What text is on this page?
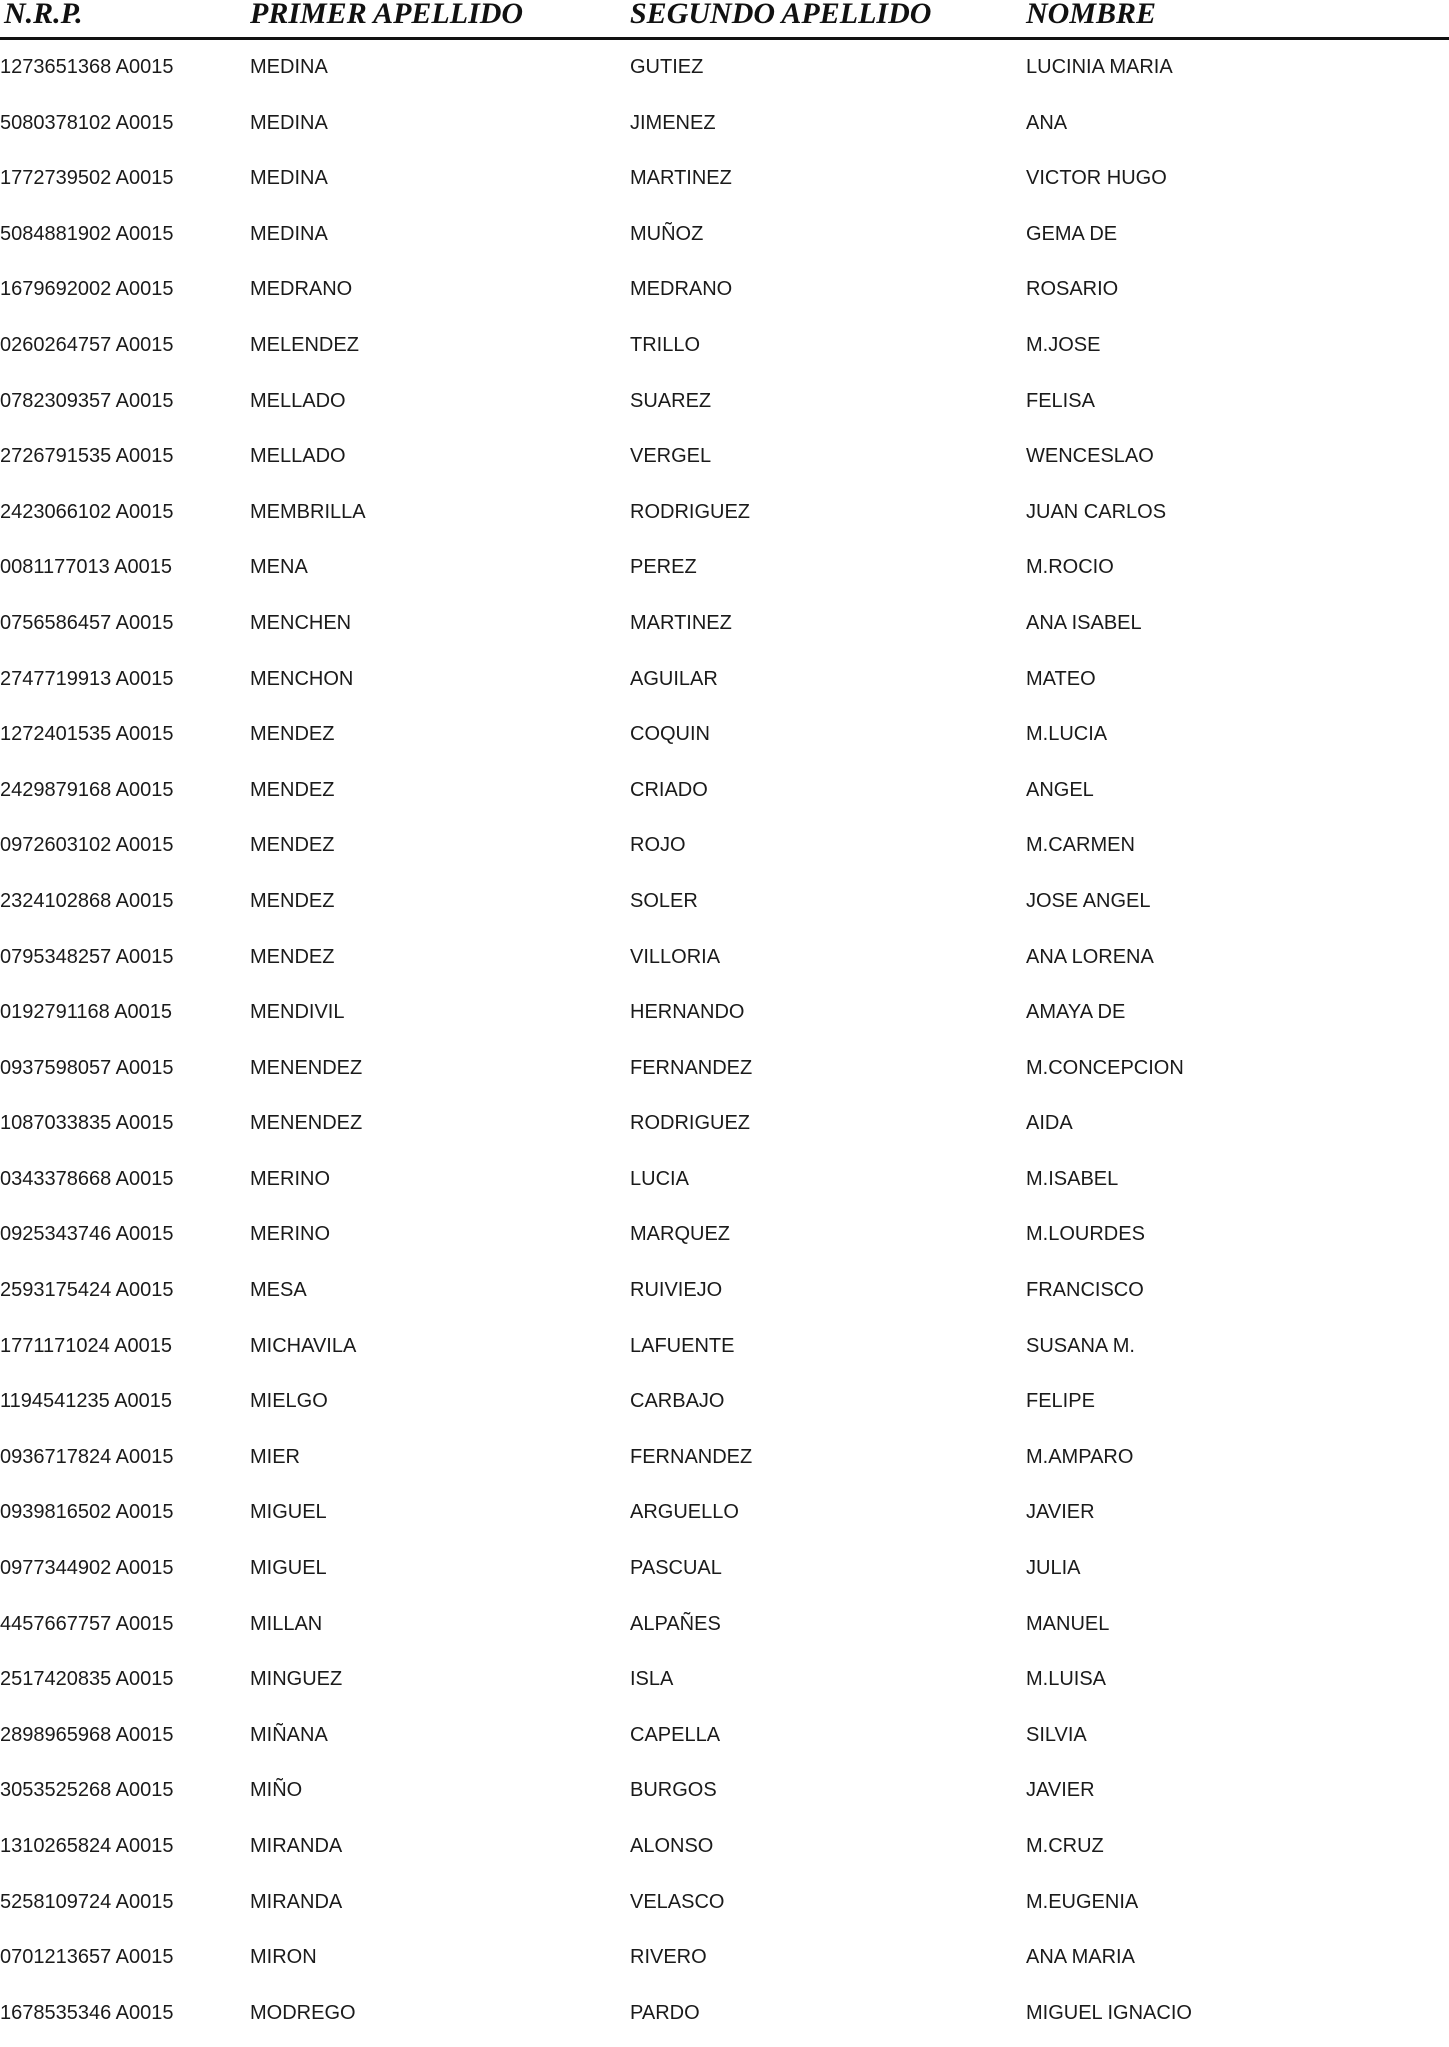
N.R.P.	PRIMER APELLIDO	SEGUNDO APELLIDO	NOMBRE
1273651368 A0015	MEDINA	GUTIEZ	LUCINIA MARIA
5080378102 A0015	MEDINA	JIMENEZ	ANA
1772739502 A0015	MEDINA	MARTINEZ	VICTOR HUGO
5084881902 A0015	MEDINA	MUÑOZ	GEMA DE
1679692002 A0015	MEDRANO	MEDRANO	ROSARIO
0260264757 A0015	MELENDEZ	TRILLO	M.JOSE
0782309357 A0015	MELLADO	SUAREZ	FELISA
2726791535 A0015	MELLADO	VERGEL	WENCESLAO
2423066102 A0015	MEMBRILLA	RODRIGUEZ	JUAN CARLOS
0081177013 A0015	MENA	PEREZ	M.ROCIO
0756586457 A0015	MENCHEN	MARTINEZ	ANA ISABEL
2747719913 A0015	MENCHON	AGUILAR	MATEO
1272401535 A0015	MENDEZ	COQUIN	M.LUCIA
2429879168 A0015	MENDEZ	CRIADO	ANGEL
0972603102 A0015	MENDEZ	ROJO	M.CARMEN
2324102868 A0015	MENDEZ	SOLER	JOSE ANGEL
0795348257 A0015	MENDEZ	VILLORIA	ANA LORENA
0192791168 A0015	MENDIVIL	HERNANDO	AMAYA DE
0937598057 A0015	MENENDEZ	FERNANDEZ	M.CONCEPCION
1087033835 A0015	MENENDEZ	RODRIGUEZ	AIDA
0343378668 A0015	MERINO	LUCIA	M.ISABEL
0925343746 A0015	MERINO	MARQUEZ	M.LOURDES
2593175424 A0015	MESA	RUIVIEJO	FRANCISCO
1771171024 A0015	MICHAVILA	LAFUENTE	SUSANA M.
1194541235 A0015	MIELGO	CARBAJO	FELIPE
0936717824 A0015	MIER	FERNANDEZ	M.AMPARO
0939816502 A0015	MIGUEL	ARGUELLO	JAVIER
0977344902 A0015	MIGUEL	PASCUAL	JULIA
4457667757 A0015	MILLAN	ALPAÑES	MANUEL
2517420835 A0015	MINGUEZ	ISLA	M.LUISA
2898965968 A0015	MIÑANA	CAPELLA	SILVIA
3053525268 A0015	MIÑO	BURGOS	JAVIER
1310265824 A0015	MIRANDA	ALONSO	M.CRUZ
5258109724 A0015	MIRANDA	VELASCO	M.EUGENIA
0701213657 A0015	MIRON	RIVERO	ANA MARIA
1678535346 A0015	MODREGO	PARDO	MIGUEL IGNACIO
